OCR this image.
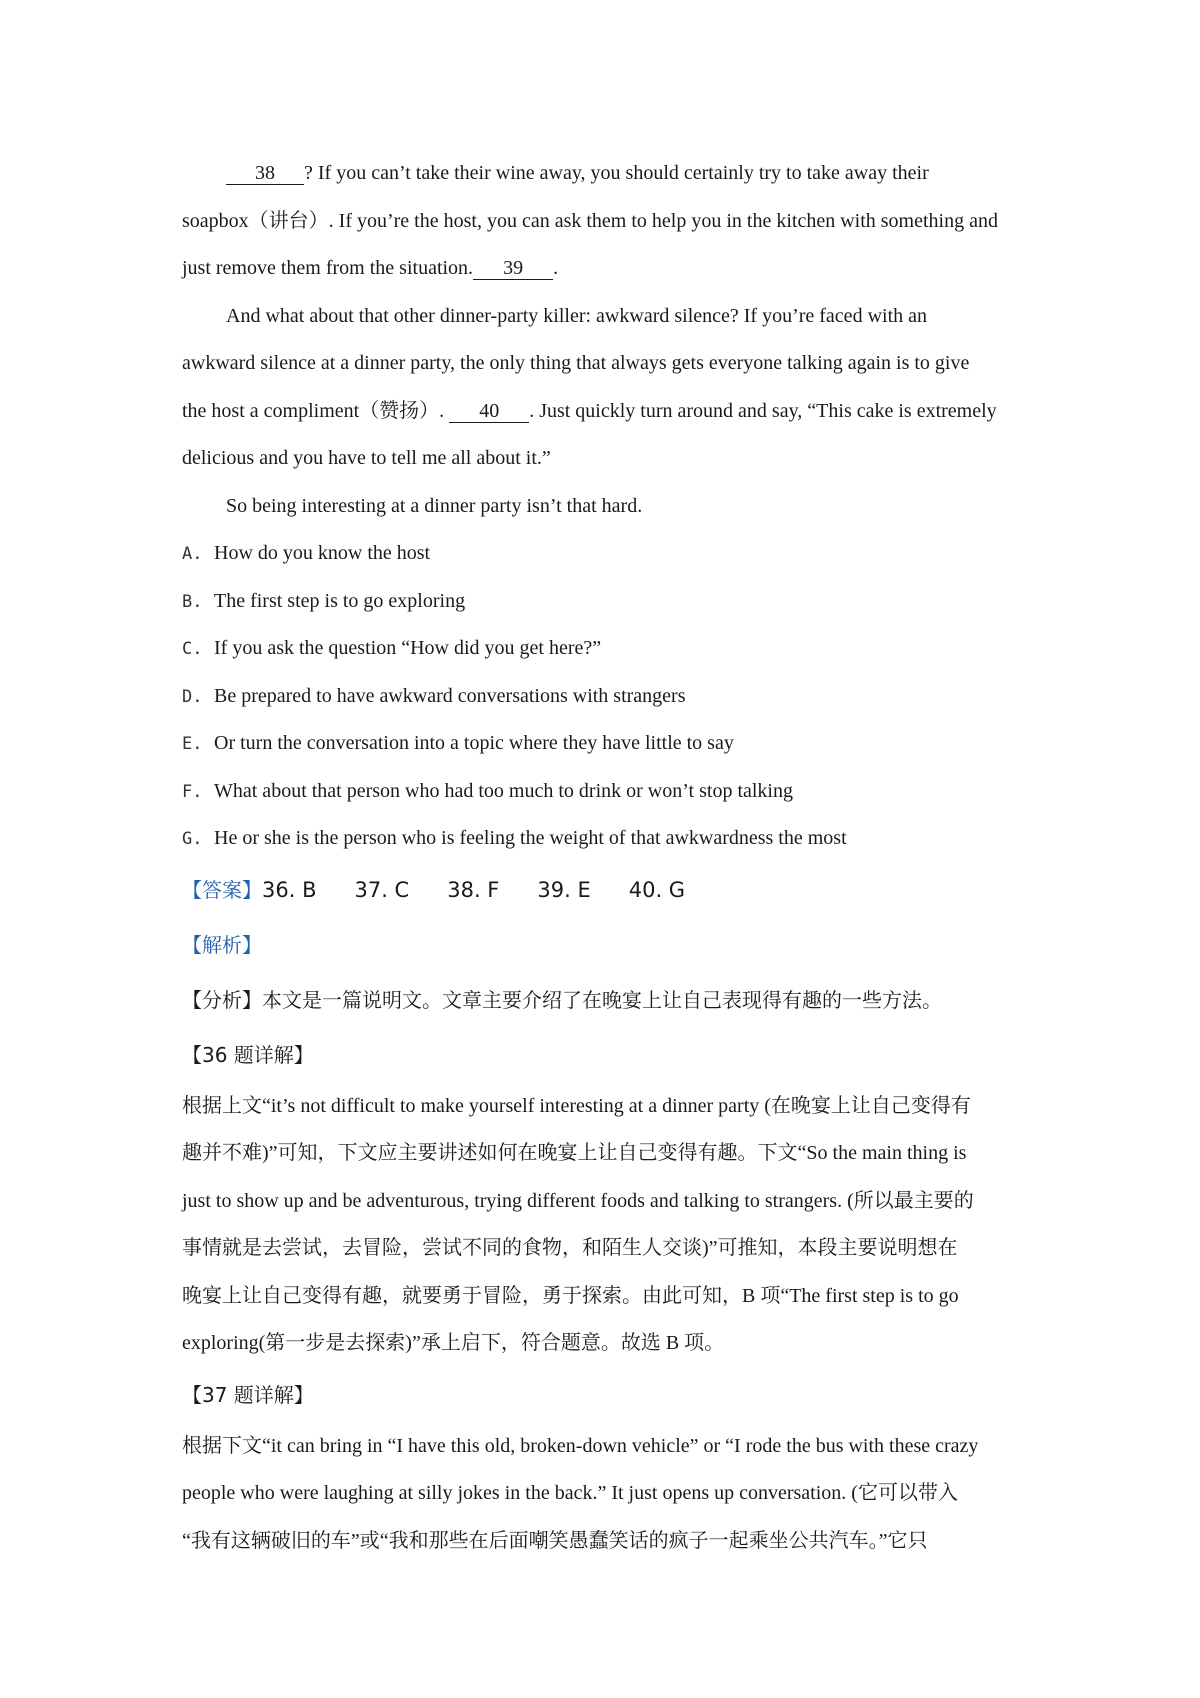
38 ? If you can’t take their wine away, you should certainly try to take away their
soapbox（讲台）. If you’re the host, you can ask them to help you in the kitchen with something and
just remove them from the situation. 39 .
And what about that other dinner-party killer: awkward silence? If you’re faced with an
awkward silence at a dinner party, the only thing that always gets everyone talking again is to give
the host a compliment（赞扬）. 40 . Just quickly turn around and say, “This cake is extremely
delicious and you have to tell me all about it.”
So being interesting at a dinner party isn’t that hard.
A. How do you know the host
B. The first step is to go exploring
C. If you ask the question “How did you get here?”
D. Be prepared to have awkward conversations with strangers
E. Or turn the conversation into a topic where they have little to say
F. What about that person who had too much to drink or won’t stop talking
G. He or she is the person who is feeling the weight of that awkwardness the most
【答案】36. B 37. C 38. F 39. E 40. G
【解析】
【分析】本文是一篇说明文。文章主要介绍了在晚宴上让自己表现得有趣的一些方法。
【36 题详解】
根据上文“it’s not difficult to make yourself interesting at a dinner party (在晚宴上让自己变得有
趣并不难)”可知，下文应主要讲述如何在晚宴上让自己变得有趣。下文“So the main thing is
just to show up and be adventurous, trying different foods and talking to strangers. (所以最主要的
事情就是去尝试，去冒险，尝试不同的食物，和陌生人交谈)”可推知，本段主要说明想在
晚宴上让自己变得有趣，就要勇于冒险，勇于探索。由此可知，B 项“The first step is to go
exploring(第一步是去探索)”承上启下，符合题意。故选 B 项。
【37 题详解】
根据下文“it can bring in “I have this old, broken-down vehicle” or “I rode the bus with these crazy
people who were laughing at silly jokes in the back.” It just opens up conversation. (它可以带入
“我有这辆破旧的车”或“我和那些在后面嘲笑愚蠢笑话的疯子一起乘坐公共汽车。”它只
